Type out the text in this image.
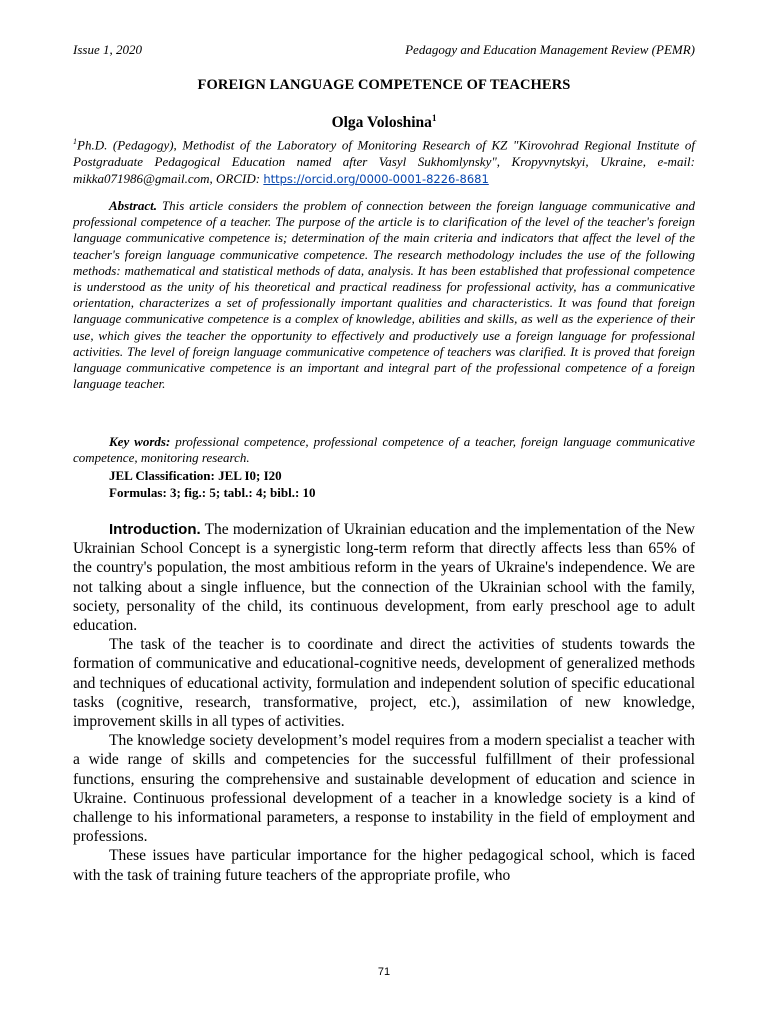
Issue 1, 2020	Pedagogy and Education Management Review (PEMR)
FOREIGN LANGUAGE COMPETENCE OF TEACHERS
Olga Voloshina$^1$
$^1$Ph.D. (Pedagogy), Methodist of the Laboratory of Monitoring Research of KZ "Kirovohrad Regional Institute of Postgraduate Pedagogical Education named after Vasyl Sukhomlynsky", Kropyvnytskyi, Ukraine, e-mail: mikka071986@gmail.com, ORCID: https://orcid.org/0000-0001-8226-8681

Abstract. This article considers the problem of connection between the foreign language communicative and professional competence of a teacher. The purpose of the article is to clarification of the level of the teacher's foreign language communicative competence is; determination of the main criteria and indicators that affect the level of the teacher's foreign language communicative competence. The research methodology includes the use of the following methods: mathematical and statistical methods of data, analysis. It has been established that professional competence is understood as the unity of his theoretical and practical readiness for professional activity, has a communicative orientation, characterizes a set of professionally important qualities and characteristics. It was found that foreign language communicative competence is a complex of knowledge, abilities and skills, as well as the experience of their use, which gives the teacher the opportunity to effectively and productively use a foreign language for professional activities. The level of foreign language communicative competence of teachers was clarified. It is proved that foreign language communicative competence is an important and integral part of the professional competence of a foreign language teacher.

Key words: professional competence, professional competence of a teacher, foreign language communicative competence, monitoring research.

JEL Classification: JEL I0; I20
Formulas: 3; fig.: 5; tabl.: 4; bibl.: 10

Introduction. The modernization of Ukrainian education and the implementation of the New Ukrainian School Concept is a synergistic long-term reform that directly affects less than 65% of the country's population, the most ambitious reform in the years of Ukraine's independence. We are not talking about a single influence, but the connection of the Ukrainian school with the family, society, personality of the child, its continuous development, from early preschool age to adult education.

The task of the teacher is to coordinate and direct the activities of students towards the formation of communicative and educational-cognitive needs, development of generalized methods and techniques of educational activity, formulation and independent solution of specific educational tasks (cognitive, research, transformative, project, etc.), assimilation of new knowledge, improvement skills in all types of activities.

The knowledge society development’s model requires from a modern specialist a teacher with a wide range of skills and competencies for the successful fulfillment of their professional functions, ensuring the comprehensive and sustainable development of education and science in Ukraine. Continuous professional development of a teacher in a knowledge society is a kind of challenge to his informational parameters, a response to instability in the field of employment and professions.

These issues have particular importance for the higher pedagogical school, which is faced with the task of training future teachers of the appropriate profile, who

71
